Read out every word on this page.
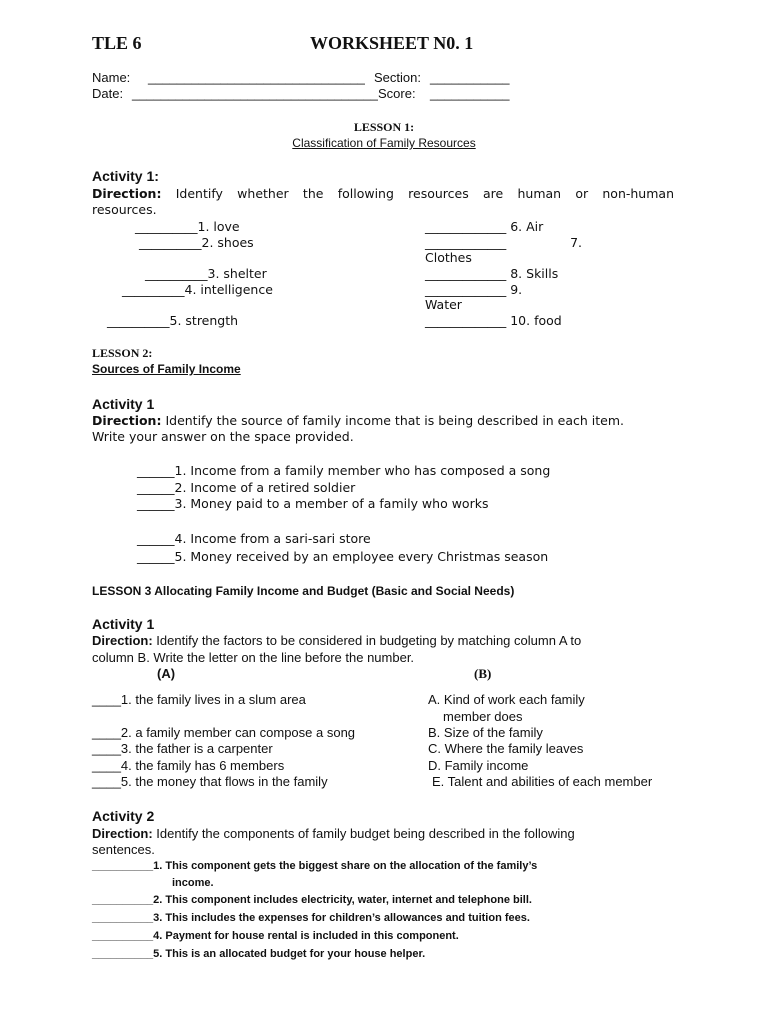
TLE 6	WORKSHEET N0. 1
Name: ______________________________ Section: ___________
Date: __________________________________ Score: ___________
LESSON 1:
Classification of Family Resources
Activity 1:
Direction: Identify whether the following resources are human or non-human
resources.
__________1. love
__________2. shoes
__________3. shelter
__________4. intelligence
__________5. strength
_____________ 6. Air
_____________	7.
Clothes
_____________ 8. Skills
_____________ 9.
Water
_____________ 10. food
LESSON 2:
Sources of Family Income
Activity 1
Direction: Identify the source of family income that is being described in each item.
Write your answer on the space provided.
______1. Income from a family member who has composed a song
______2. Income of a retired soldier
______3. Money paid to a member of a family who works
______4. Income from a sari-sari store
______5. Money received by an employee every Christmas season
LESSON 3 Allocating Family Income and Budget (Basic and Social Needs)
Activity 1
Direction: Identify the factors to be considered in budgeting by matching column A to
column B. Write the letter on the line before the number.
(A)	(B)
____1. the family lives in a slum area
____2. a family member can compose a song
____3. the father is a carpenter
____4. the family has 6 members
____5. the money that flows in the family
A. Kind of work each family
member does
B. Size of the family
C. Where the family leaves
D. Family income
E. Talent and abilities of each member
Activity 2
Direction: Identify the components of family budget being described in the following
sentences.
__________1. This component gets the biggest share on the allocation of the family’s
income.
__________2. This component includes electricity, water, internet and telephone bill.
__________3. This includes the expenses for children’s allowances and tuition fees.
__________4. Payment for house rental is included in this component.
__________5. This is an allocated budget for your house helper.
